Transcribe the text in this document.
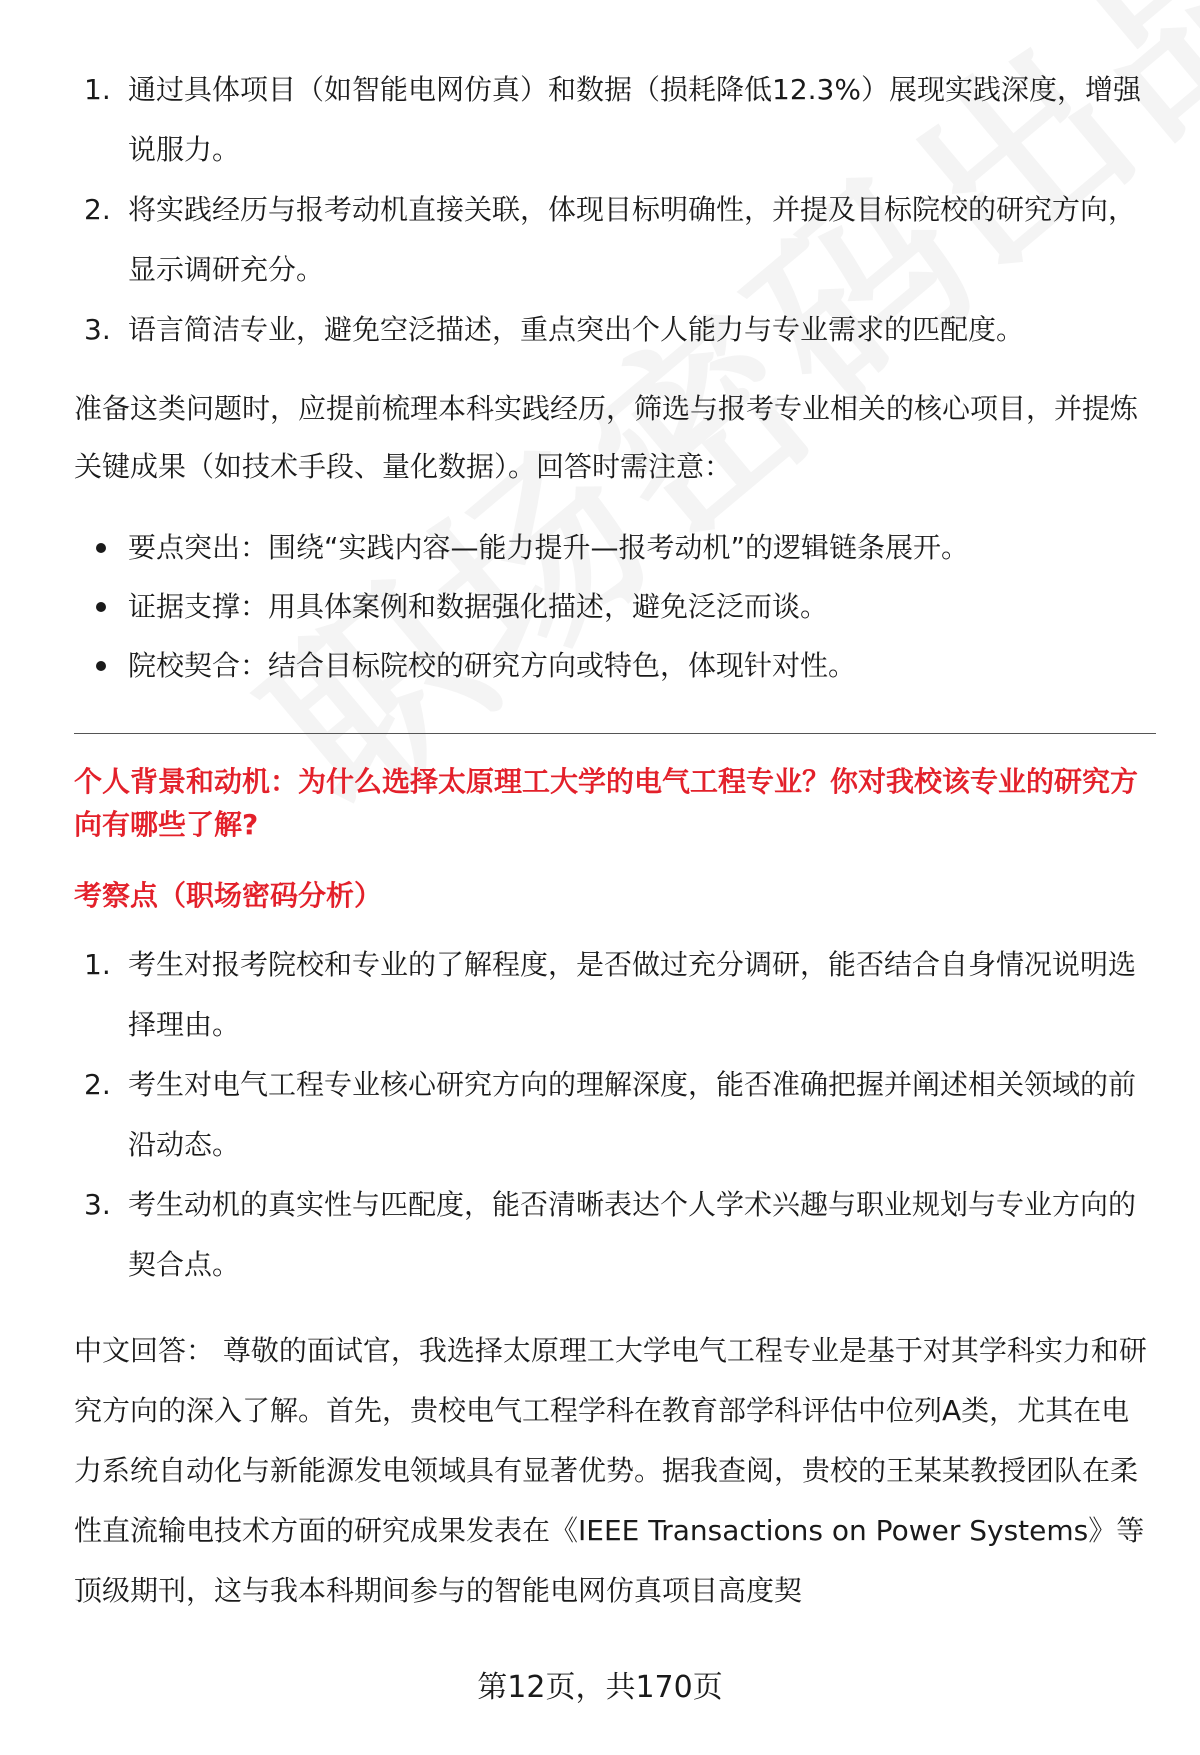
1. 通过具体项目（如智能电网仿真）和数据（损耗降低12.3%）展现实践深度，增强说服力。
2. 将实践经历与报考动机直接关联，体现目标明确性，并提及目标院校的研究方向，显示调研充分。
3. 语言简洁专业，避免空泛描述，重点突出个人能力与专业需求的匹配度。

准备这类问题时，应提前梳理本科实践经历，筛选与报考专业相关的核心项目，并提炼关键成果（如技术手段、量化数据）。回答时需注意：

要点突出：围绕“实践内容—能力提升—报考动机”的逻辑链条展开。
证据支撑：用具体案例和数据强化描述，避免泛泛而谈。
院校契合：结合目标院校的研究方向或特色，体现针对性。
个人背景和动机：为什么选择太原理工大学的电气工程专业？你对我校该专业的研究方向有哪些了解?
考察点（职场密码分析）
1. 考生对报考院校和专业的了解程度，是否做过充分调研，能否结合自身情况说明选择理由。
2. 考生对电气工程专业核心研究方向的理解深度，能否准确把握并阐述相关领域的前沿动态。
3. 考生动机的真实性与匹配度，能否清晰表达个人学术兴趣与职业规划与专业方向的契合点。

中文回答： 尊敬的面试官，我选择太原理工大学电气工程专业是基于对其学科实力和研究方向的深入了解。首先，贵校电气工程学科在教育部学科评估中位列A类，尤其在电力系统自动化与新能源发电领域具有显著优势。据我查阅，贵校的王某某教授团队在柔性直流输电技术方面的研究成果发表在《IEEE Transactions on Power Systems》等顶级期刊，这与我本科期间参与的智能电网仿真项目高度契

第12页，共170页
